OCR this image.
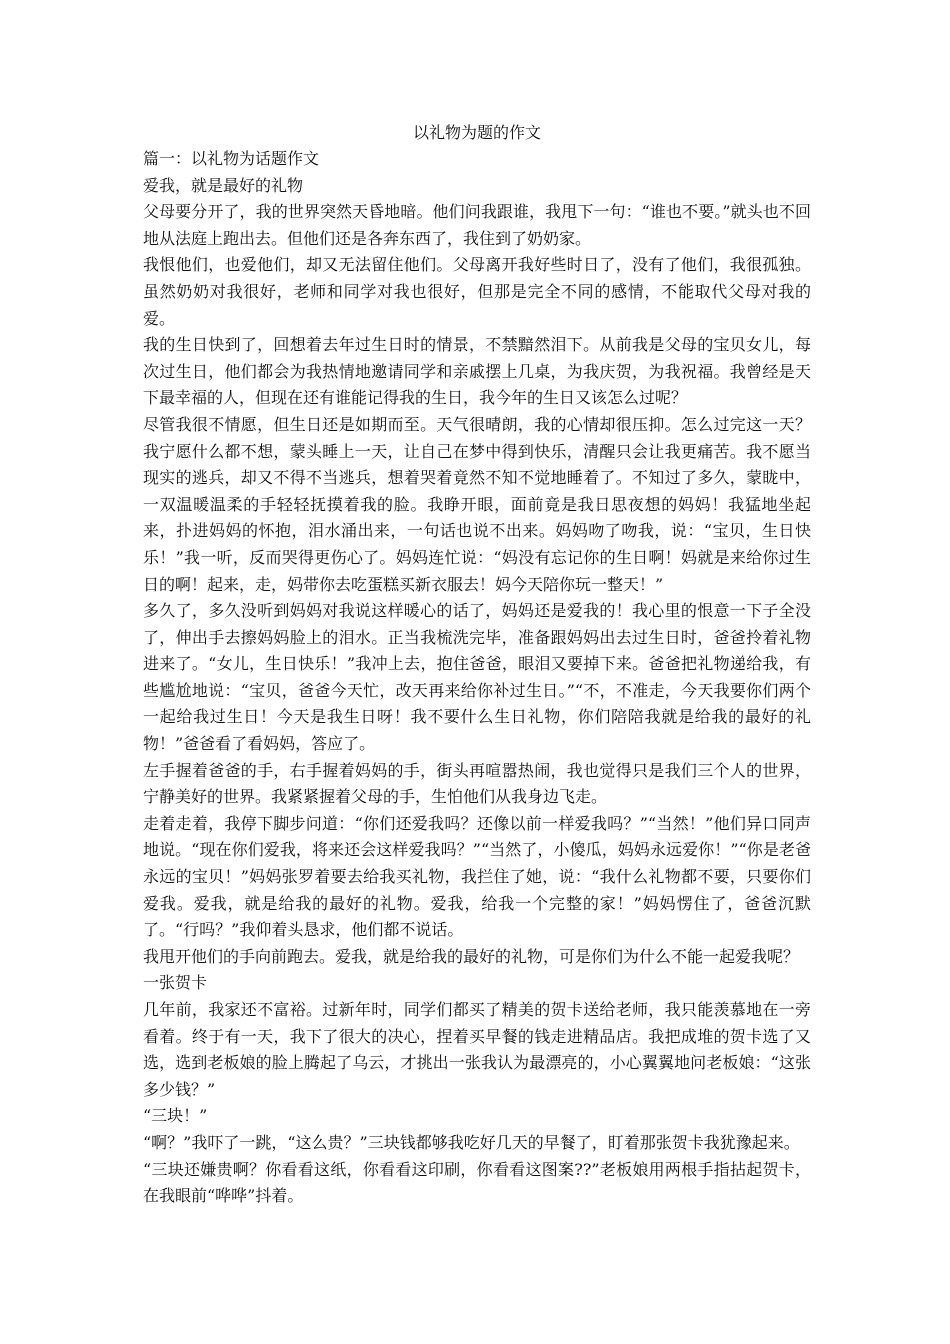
以礼物为题的作文
篇一：以礼物为话题作文
爱我，就是最好的礼物
父母要分开了，我的世界突然天昏地暗。他们问我跟谁，我甩下一句：“谁也不要。”就头也不回地从法庭上跑出去。但他们还是各奔东西了，我住到了奶奶家。
我恨他们，也爱他们，却又无法留住他们。父母离开我好些时日了，没有了他们，我很孤独。虽然奶奶对我很好，老师和同学对我也很好，但那是完全不同的感情，不能取代父母对我的爱。
我的生日快到了，回想着去年过生日时的情景，不禁黯然泪下。从前我是父母的宝贝女儿，每次过生日，他们都会为我热情地邀请同学和亲戚摆上几桌，为我庆贺，为我祝福。我曾经是天下最幸福的人，但现在还有谁能记得我的生日，我今年的生日又该怎么过呢？
尽管我很不情愿，但生日还是如期而至。天气很晴朗，我的心情却很压抑。怎么过完这一天？我宁愿什么都不想，蒙头睡上一天，让自己在梦中得到快乐，清醒只会让我更痛苦。我不愿当现实的逃兵，却又不得不当逃兵，想着哭着竟然不知不觉地睡着了。不知过了多久，蒙眬中，一双温暖温柔的手轻轻抚摸着我的脸。我睁开眼，面前竟是我日思夜想的妈妈！我猛地坐起来，扑进妈妈的怀抱，泪水涌出来，一句话也说不出来。妈妈吻了吻我，说：“宝贝，生日快乐！”我一听，反而哭得更伤心了。妈妈连忙说：“妈没有忘记你的生日啊！妈就是来给你过生日的啊！起来，走，妈带你去吃蛋糕买新衣服去！妈今天陪你玩一整天！”
多久了，多久没听到妈妈对我说这样暖心的话了，妈妈还是爱我的！我心里的恨意一下子全没了，伸出手去擦妈妈脸上的泪水。正当我梳洗完毕，准备跟妈妈出去过生日时，爸爸拎着礼物进来了。“女儿，生日快乐！”我冲上去，抱住爸爸，眼泪又要掉下来。爸爸把礼物递给我，有些尴尬地说：“宝贝，爸爸今天忙，改天再来给你补过生日。”“不，不准走，今天我要你们两个一起给我过生日！今天是我生日呀！我不要什么生日礼物，你们陪陪我就是给我的最好的礼物！”爸爸看了看妈妈，答应了。
左手握着爸爸的手，右手握着妈妈的手，街头再喧嚣热闹，我也觉得只是我们三个人的世界，宁静美好的世界。我紧紧握着父母的手，生怕他们从我身边飞走。
走着走着，我停下脚步问道：“你们还爱我吗？还像以前一样爱我吗？”“当然！”他们异口同声地说。“现在你们爱我，将来还会这样爱我吗？”“当然了，小傻瓜，妈妈永远爱你！”“你是老爸永远的宝贝！”妈妈张罗着要去给我买礼物，我拦住了她，说：“我什么礼物都不要，只要你们爱我。爱我，就是给我的最好的礼物。爱我，给我一个完整的家！”妈妈愣住了，爸爸沉默了。“行吗？”我仰着头恳求，他们都不说话。
我甩开他们的手向前跑去。爱我，就是给我的最好的礼物，可是你们为什么不能一起爱我呢？
一张贺卡
几年前，我家还不富裕。过新年时，同学们都买了精美的贺卡送给老师，我只能羡慕地在一旁看着。终于有一天，我下了很大的决心，捏着买早餐的钱走进精品店。我把成堆的贺卡选了又选，选到老板娘的脸上腾起了乌云，才挑出一张我认为最漂亮的，小心翼翼地问老板娘：“这张多少钱？”
“三块！”
“啊？”我吓了一跳，“这么贵？”三块钱都够我吃好几天的早餐了，盯着那张贺卡我犹豫起来。
“三块还嫌贵啊？你看看这纸，你看看这印刷，你看看这图案??”老板娘用两根手指拈起贺卡，在我眼前“哗哗”抖着。
